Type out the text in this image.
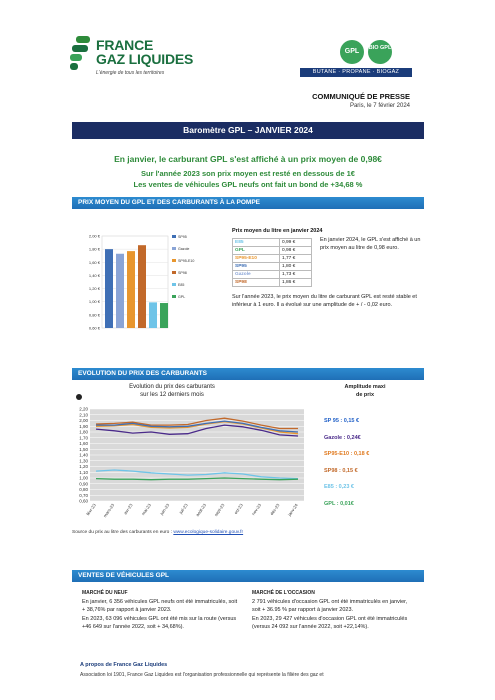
FRANCE
GAZ LIQUIDES
L'énergie de tous les territoires
GPL	BIO GPL
BUTANE · PROPANE · BIOGAZ
COMMUNIQUÉ DE PRESSE
Paris, le 7 février 2024
Baromètre GPL – JANVIER 2024
En janvier, le carburant GPL s'est affiché à un prix moyen de 0,98€
Sur l'année 2023 son prix moyen est resté en dessous de 1€
Les ventes de véhicules GPL neufs ont fait un bond de +34,68 %
PRIX MOYEN DU GPL ET DES CARBURANTS À LA POMPE
2,00 €
1,80 €
1,60 €
1,40 €
1,20 €
1,00 €
0,80 €
0,60 €
SP95
Gazole
SP95-E10
SP98
E85
GPL
Prix moyen du litre en janvier 2024
E85	0,99 €
GPL	0,98 €
SP95-E10	1,77 €
SP95	1,80 €
Gazole	1,73 €
SP98	1,86 €
En janvier 2024, le GPL s'est affiché à un prix moyen au litre de 0,98 euro.
Sur l'année 2023, le prix moyen du litre de carburant GPL est resté stable et inférieur à 1 euro. Il a évolué sur une amplitude de + / - 0,02 euro.
EVOLUTION DU PRIX DES CARBURANTS
Evolution du prix des carburants
sur les 12 derniers mois
2,20
2,10
2,00
1,90
1,80
1,70
1,60
1,50
1,40
1,30
1,20
1,10
1,00
0,90
0,80
0,70
0,60
févr-23 mars-23 avr-23 mai-23 juin-23 juil-23 août-23 sept-23 oct-23 nov-23 déc-23 janv-24
Amplitude maxi
de prix
SP 95 : 0,15 €
Gazole : 0,24€
SP95-E10 : 0,18 €
SP98 : 0,15 €
E85 : 0,23 €
GPL : 0,01€
Source du prix au litre des carburants en euro : www.ecologique-solidaire.gouv.fr
VENTES DE VÉHICULES GPL
MARCHÉ DU NEUF

En janvier, 6 356 véhicules GPL neufs ont été immatriculés, soit + 38,76% par rapport à janvier 2023.

En 2023, 63 096 véhicules GPL ont été mis sur la route (versus +46 649 sur l'année 2022, soit + 34,68%).

MARCHÉ DE L'OCCASION

2 791 véhicules d'occasion GPL ont été immatriculés en janvier, soit + 36.95 % par rapport à janvier 2023.

En 2023, 29 427 véhicules d'occasion GPL ont été immatriculés (versus 24 092 sur l'année 2022, soit +22,14%).

A propos de France Gaz Liquides
Association loi 1901, France Gaz Liquides est l'organisation professionnelle qui représente la filière des gaz et
